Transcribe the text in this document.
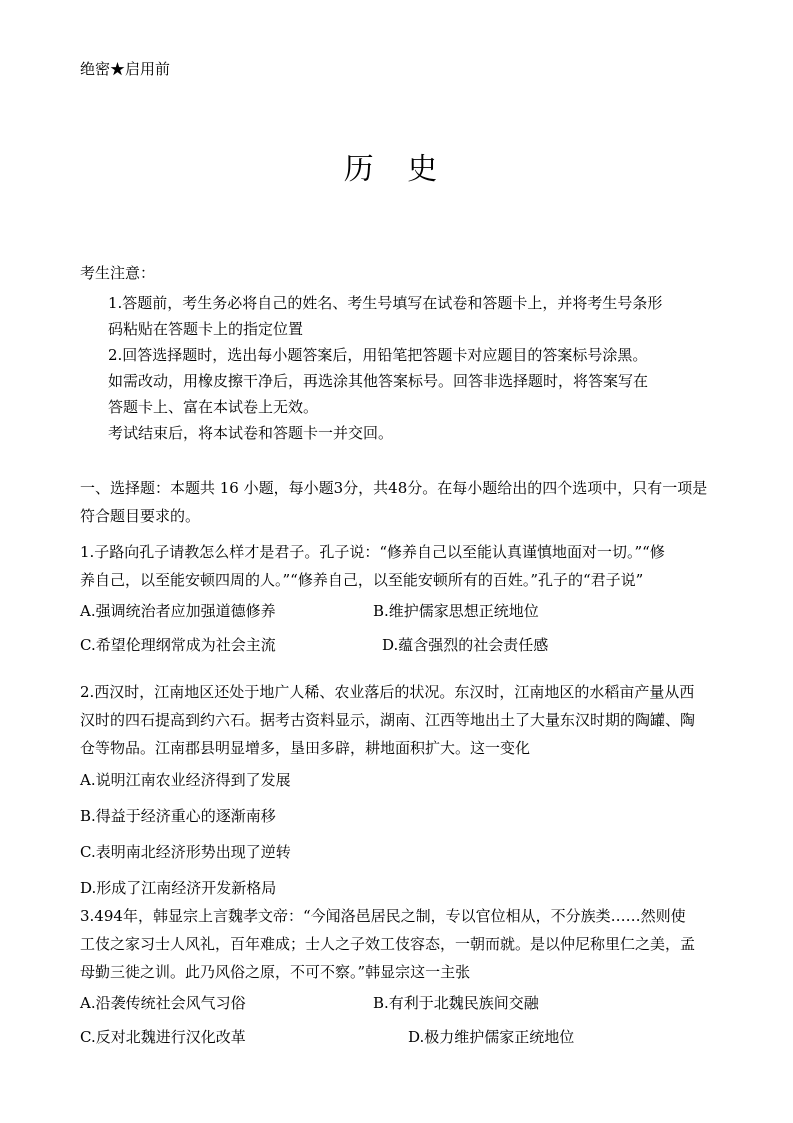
绝密★启用前
历 史
考生注意：
1.答题前，考生务必将自己的姓名、考生号填写在试卷和答题卡上，并将考生号条形
码粘贴在答题卡上的指定位置
2.回答选择题时，选出每小题答案后，用铅笔把答题卡对应题目的答案标号涂黑。
如需改动，用橡皮擦干净后，再选涂其他答案标号。回答非选择题时，将答案写在
答题卡上、富在本试卷上无效。
考试结束后，将本试卷和答题卡一并交回。
一、选择题：本题共 16 小题，每小题3分，共48分。在每小题给出的四个选项中，只有一项是
符合题目要求的。
1.子路向孔子请教怎么样才是君子。孔子说：“修养自己以至能认真谨慎地面对一切。”“修
养自己，以至能安顿四周的人。”“修养自己，以至能安顿所有的百姓。”孔子的“君子说”
A.强调统治者应加强道德修养	B.维护儒家思想正统地位
C.希望伦理纲常成为社会主流	D.蕴含强烈的社会责任感
2.西汉时，江南地区还处于地广人稀、农业落后的状况。东汉时，江南地区的水稻亩产量从西
汉时的四石提高到约六石。据考古资料显示，湖南、江西等地出土了大量东汉时期的陶罐、陶
仓等物品。江南郡县明显增多，垦田多辟，耕地面积扩大。这一变化
A.说明江南农业经济得到了发展
B.得益于经济重心的逐渐南移
C.表明南北经济形势出现了逆转
D.形成了江南经济开发新格局
3.494年，韩显宗上言魏孝文帝：“今闻洛邑居民之制，专以官位相从，不分族类……然则使
工伎之家习士人风礼，百年难成；士人之子效工伎容态，一朝而就。是以仲尼称里仁之美，孟
母勤三徙之训。此乃风俗之原，不可不察。”韩显宗这一主张
A.沿袭传统社会风气习俗	B.有利于北魏民族间交融
C.反对北魏进行汉化改革	D.极力维护儒家正统地位
